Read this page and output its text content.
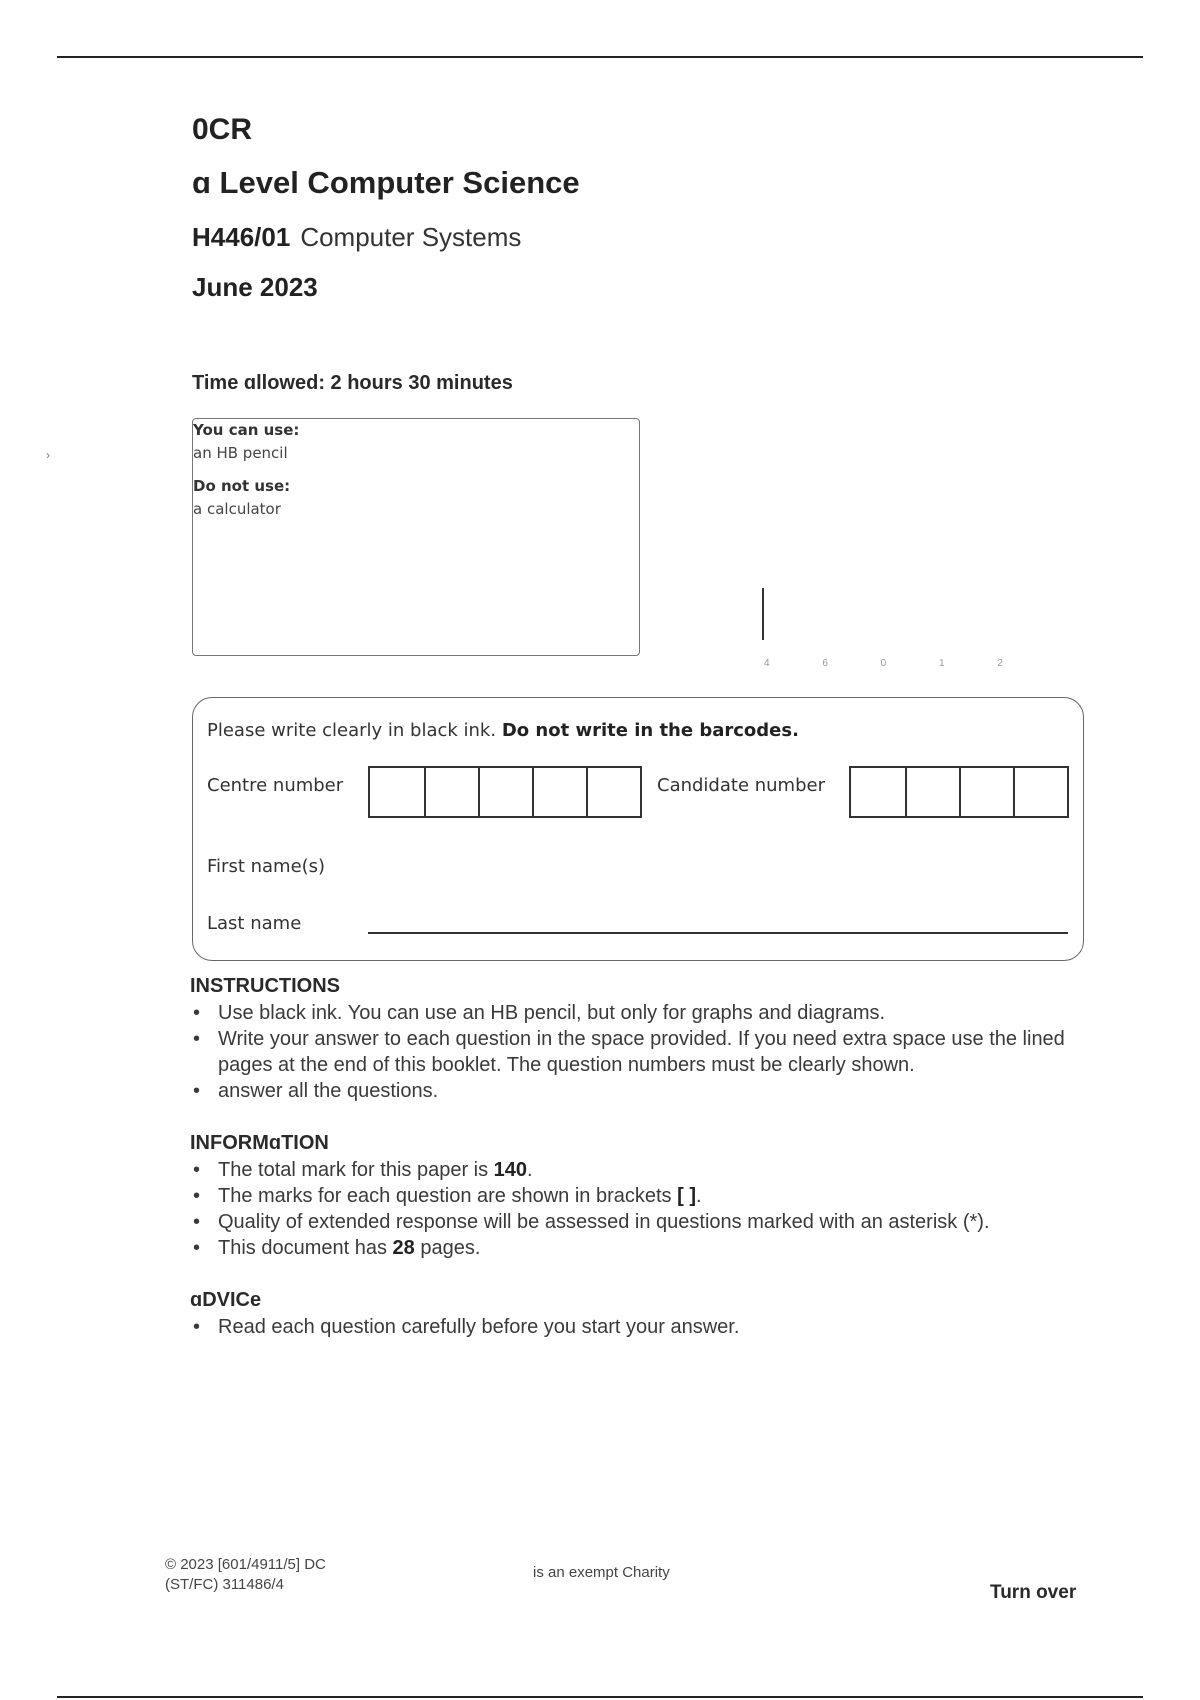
0CR
ɑ Level Computer Science
H446/01 Computer Systems
June 2023
Time ɑllowed: 2 hours 30 minutes
You can use:
an HB pencil
Do not use:
a calculator
›
4 6 0 1 2
Please write clearly in black ink. Do not write in the barcodes.
Centre number	Candidate number
First name(s)
Last name
INSTRUCTIONS
• Use black ink. You can use an HB pencil, but only for graphs and diagrams.
• Write your answer to each question in the space provided. If you need extra space use the lined pages at the end of this booklet. The question numbers must be clearly shown.
• answer all the questions.
INFORMɑTION
• The total mark for this paper is 140.
• The marks for each question are shown in brackets [ ].
• Quality of extended response will be assessed in questions marked with an asterisk (*).
• This document has 28 pages.
ɑDVICе
• Read each question carefully before you start your answer.
© 2023 [601/4911/5] DC
(ST/FC) 311486/4
is an exempt Charity
Turn over
